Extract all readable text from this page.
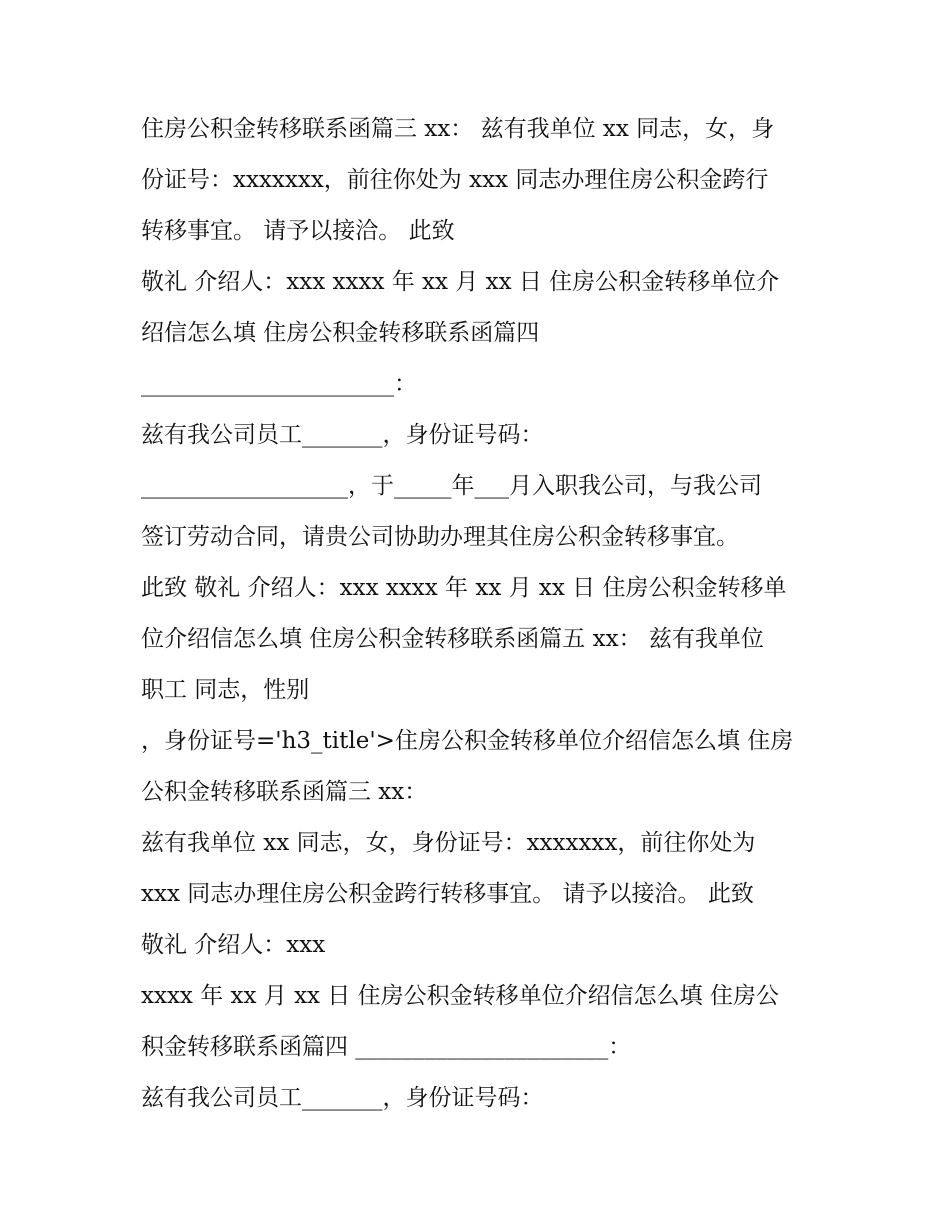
住房公积金转移联系函篇三 xx： 兹有我单位 xx 同志，女，身
份证号：xxxxxxx，前往你处为 xxx 同志办理住房公积金跨行
转移事宜。 请予以接洽。 此致
敬礼 介绍人：xxx xxxx 年 xx 月 xx 日 住房公积金转移单位介
绍信怎么填 住房公积金转移联系函篇四
______________________：
兹有我公司员工_______，身份证号码：
__________________，于_____年___月入职我公司，与我公司
签订劳动合同，请贵公司协助办理其住房公积金转移事宜。
此致 敬礼 介绍人：xxx xxxx 年 xx 月 xx 日 住房公积金转移单
位介绍信怎么填 住房公积金转移联系函篇五 xx： 兹有我单位
职工 同志，性别
，身份证号='h3_title'>住房公积金转移单位介绍信怎么填 住房
公积金转移联系函篇三 xx：
兹有我单位 xx 同志，女，身份证号：xxxxxxx，前往你处为
xxx 同志办理住房公积金跨行转移事宜。 请予以接洽。 此致
敬礼 介绍人：xxx
xxxx 年 xx 月 xx 日 住房公积金转移单位介绍信怎么填 住房公
积金转移联系函篇四 ______________________：
兹有我公司员工_______，身份证号码：
